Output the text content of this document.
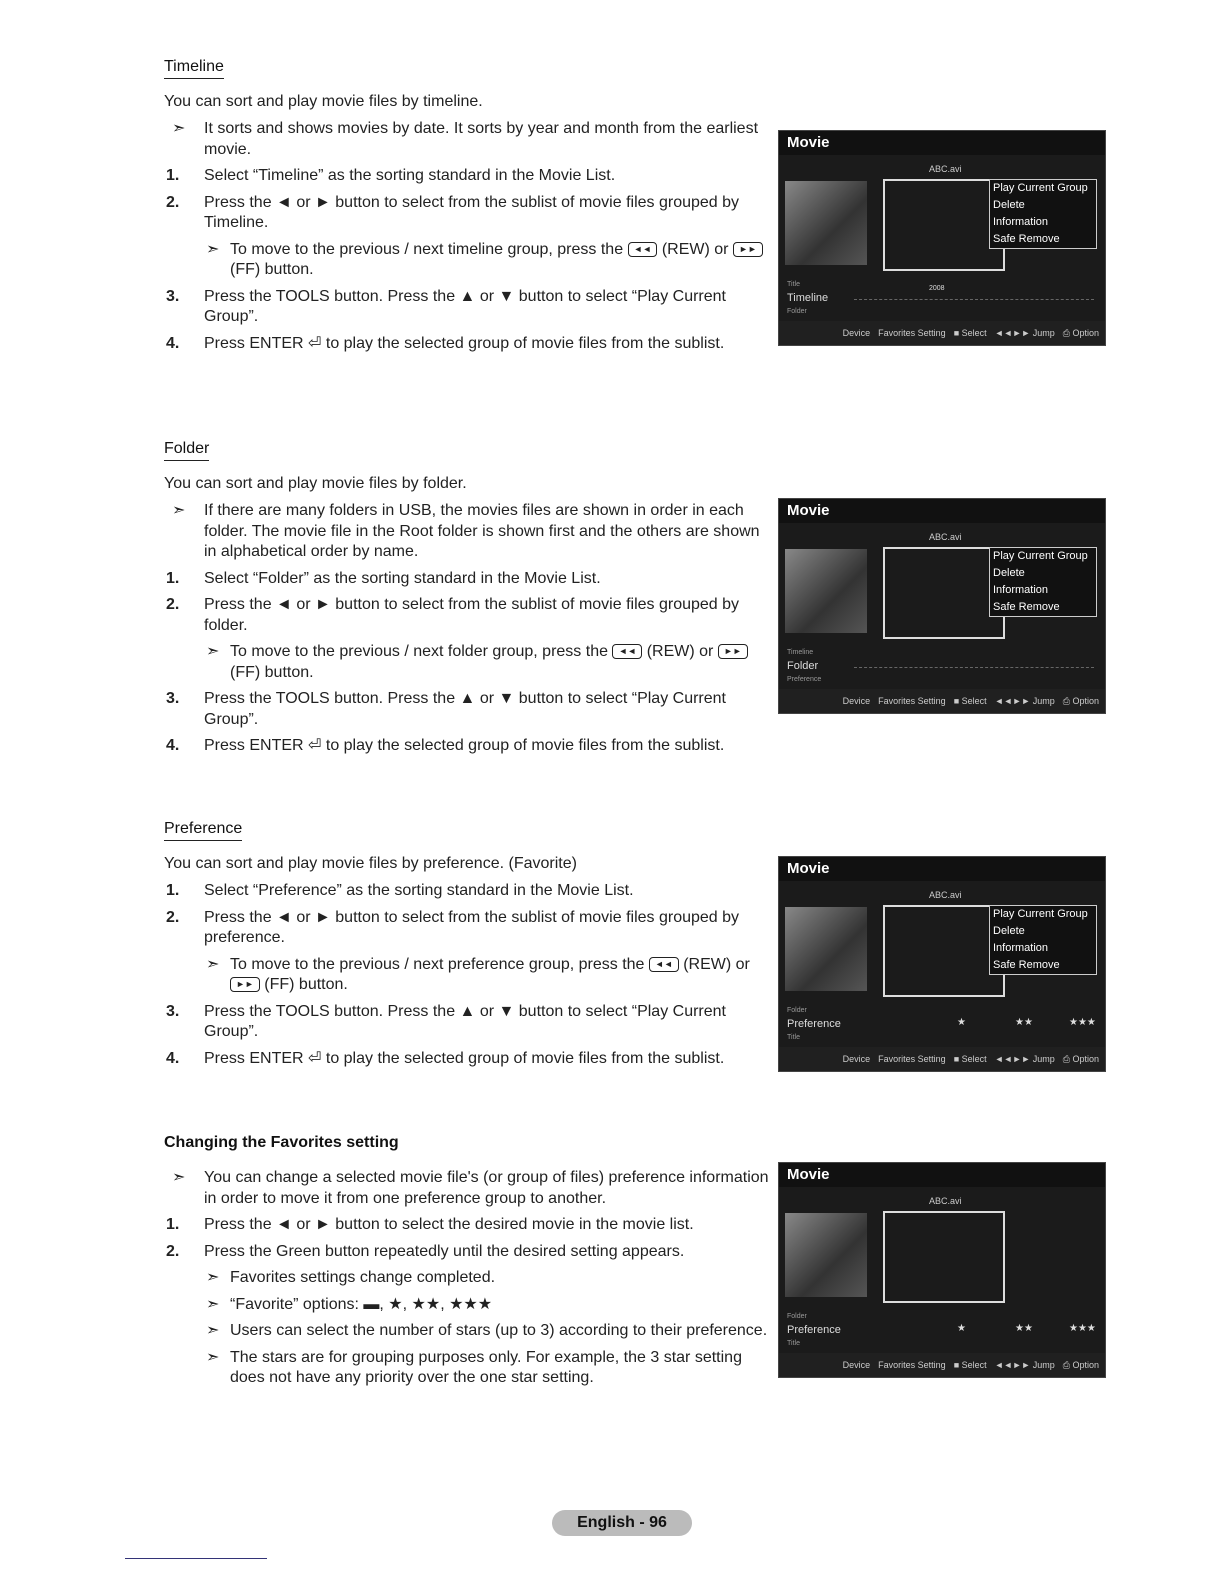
Timeline

You can sort and play movie files by timeline.

➣ It sorts and shows movies by date. It sorts by year and month from the earliest movie.
1. Select “Timeline” as the sorting standard in the Movie List.
2. Press the ◄ or ► button to select from the sublist of movie files grouped by Timeline.
➣ To move to the previous / next timeline group, press the ◄◄ (REW) or ►► (FF) button.
3. Press the TOOLS button. Press the ▲ or ▼ button to select “Play Current Group”.
4. Press ENTER ⏎ to play the selected group of movie files from the sublist.
Folder

You can sort and play movie files by folder.

➣ If there are many folders in USB, the movies files are shown in order in each folder. The movie file in the Root folder is shown first and the others are shown in alphabetical order by name.
1. Select “Folder” as the sorting standard in the Movie List.
2. Press the ◄ or ► button to select from the sublist of movie files grouped by folder.
➣ To move to the previous / next folder group, press the ◄◄ (REW) or ►► (FF) button.
3. Press the TOOLS button. Press the ▲ or ▼ button to select “Play Current Group”.
4. Press ENTER ⏎ to play the selected group of movie files from the sublist.
Preference

You can sort and play movie files by preference. (Favorite)

1. Select “Preference” as the sorting standard in the Movie List.
2. Press the ◄ or ► button to select from the sublist of movie files grouped by preference.
➣ To move to the previous / next preference group, press the ◄◄ (REW) or ►► (FF) button.
3. Press the TOOLS button. Press the ▲ or ▼ button to select “Play Current Group”.
4. Press ENTER ⏎ to play the selected group of movie files from the sublist.
Changing the Favorites setting
➣ You can change a selected movie file's (or group of files) preference information in order to move it from one preference group to another.
1. Press the ◄ or ► button to select the desired movie in the movie list.
2. Press the Green button repeatedly until the desired setting appears.
➣ Favorites settings change completed.
➣ “Favorite” options: ▬, ★, ★★, ★★★
➣ Users can select the number of stars (up to 3) according to their preference.
➣ The stars are for grouping purposes only. For example, the 3 star setting does not have any priority over the one star setting.
Movie
ABC.avi
Play Current Group
Delete
Information
Safe Remove
Title
Timeline
Folder
2008
Device Favorites Setting ■ Select ◄◄►► Jump ⎙ Option
Movie
ABC.avi
Play Current Group
Delete
Information
Safe Remove
Timeline
Folder
Preference
Device Favorites Setting ■ Select ◄◄►► Jump ⎙ Option
Movie
ABC.avi
Play Current Group
Delete
Information
Safe Remove
Folder
Preference
Title
★	★★	★★★
Device Favorites Setting ■ Select ◄◄►► Jump ⎙ Option
Movie
ABC.avi
Folder
Preference
Title
★	★★	★★★
Device Favorites Setting ■ Select ◄◄►► Jump ⎙ Option
English - 96
